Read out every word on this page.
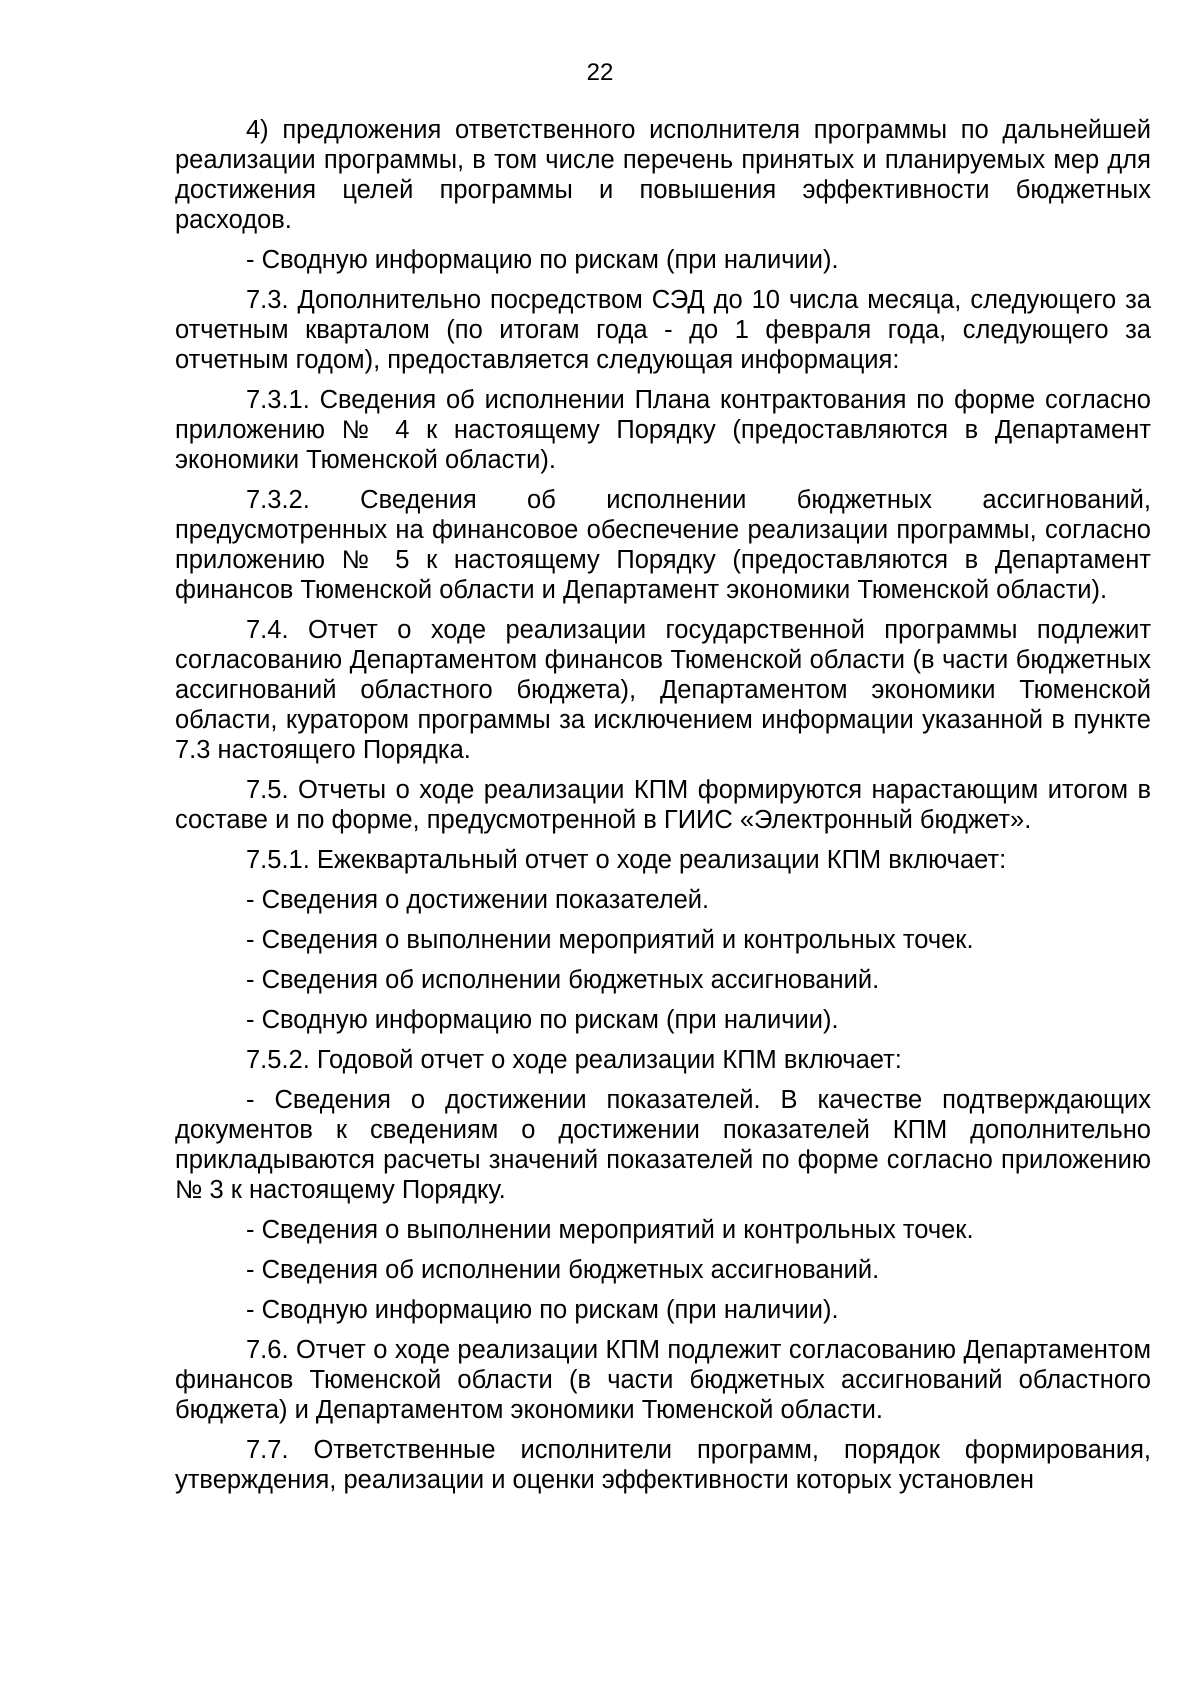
22

4) предложения ответственного исполнителя программы по дальнейшей реализации программы, в том числе перечень принятых и планируемых мер для достижения целей программы и повышения эффективности бюджетных расходов.

- Сводную информацию по рискам (при наличии).

7.3. Дополнительно посредством СЭД до 10 числа месяца, следующего за отчетным кварталом (по итогам года - до 1 февраля года, следующего за отчетным годом), предоставляется следующая информация:

7.3.1. Сведения об исполнении Плана контрактования по форме согласно приложению № 4 к настоящему Порядку (предоставляются в Департамент экономики Тюменской области).

7.3.2. Сведения об исполнении бюджетных ассигнований, предусмотренных на финансовое обеспечение реализации программы, согласно приложению № 5 к настоящему Порядку (предоставляются в Департамент финансов Тюменской области и Департамент экономики Тюменской области).

7.4. Отчет о ходе реализации государственной программы подлежит согласованию Департаментом финансов Тюменской области (в части бюджетных ассигнований областного бюджета), Департаментом экономики Тюменской области, куратором программы за исключением информации указанной в пункте 7.3 настоящего Порядка.

7.5. Отчеты о ходе реализации КПМ формируются нарастающим итогом в составе и по форме, предусмотренной в ГИИС «Электронный бюджет».

7.5.1. Ежеквартальный отчет о ходе реализации КПМ включает:

- Сведения о достижении показателей.

- Сведения о выполнении мероприятий и контрольных точек.

- Сведения об исполнении бюджетных ассигнований.

- Сводную информацию по рискам (при наличии).

7.5.2. Годовой отчет о ходе реализации КПМ включает:

- Сведения о достижении показателей. В качестве подтверждающих документов к сведениям о достижении показателей КПМ дополнительно прикладываются расчеты значений показателей по форме согласно приложению № 3 к настоящему Порядку.

- Сведения о выполнении мероприятий и контрольных точек.

- Сведения об исполнении бюджетных ассигнований.

- Сводную информацию по рискам (при наличии).

7.6. Отчет о ходе реализации КПМ подлежит согласованию Департаментом финансов Тюменской области (в части бюджетных ассигнований областного бюджета) и Департаментом экономики Тюменской области.

7.7. Ответственные исполнители программ, порядок формирования, утверждения, реализации и оценки эффективности которых установлен
